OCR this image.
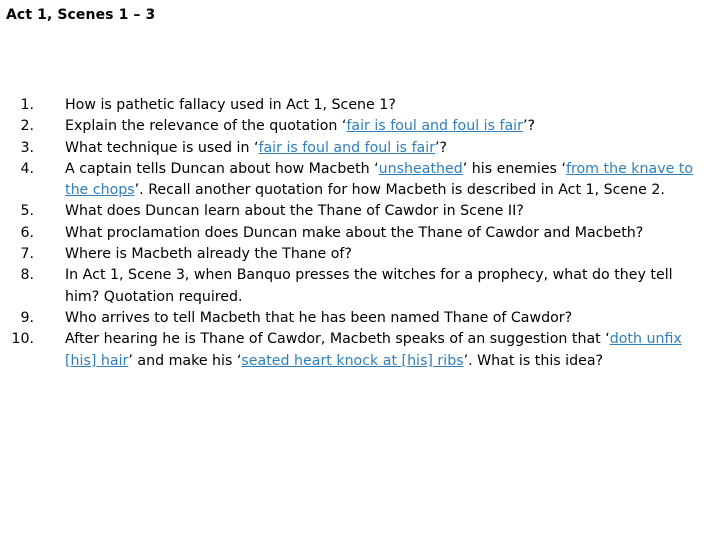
Act 1, Scenes 1 – 3
1. How is pathetic fallacy used in Act 1, Scene 1?
2. Explain the relevance of the quotation ‘fair is foul and foul is fair’?
3. What technique is used in ‘fair is foul and foul is fair’?
4. A captain tells Duncan about how Macbeth ‘unsheathed’ his enemies ‘from the knave to the chops’. Recall another quotation for how Macbeth is described in Act 1, Scene 2.
5. What does Duncan learn about the Thane of Cawdor in Scene II?
6. What proclamation does Duncan make about the Thane of Cawdor and Macbeth?
7. Where is Macbeth already the Thane of?
8. In Act 1, Scene 3, when Banquo presses the witches for a prophecy, what do they tell him? Quotation required.
9. Who arrives to tell Macbeth that he has been named Thane of Cawdor?
10. After hearing he is Thane of Cawdor, Macbeth speaks of an suggestion that ‘doth unfix [his] hair’ and make his ‘seated heart knock at [his] ribs’. What is this idea?
